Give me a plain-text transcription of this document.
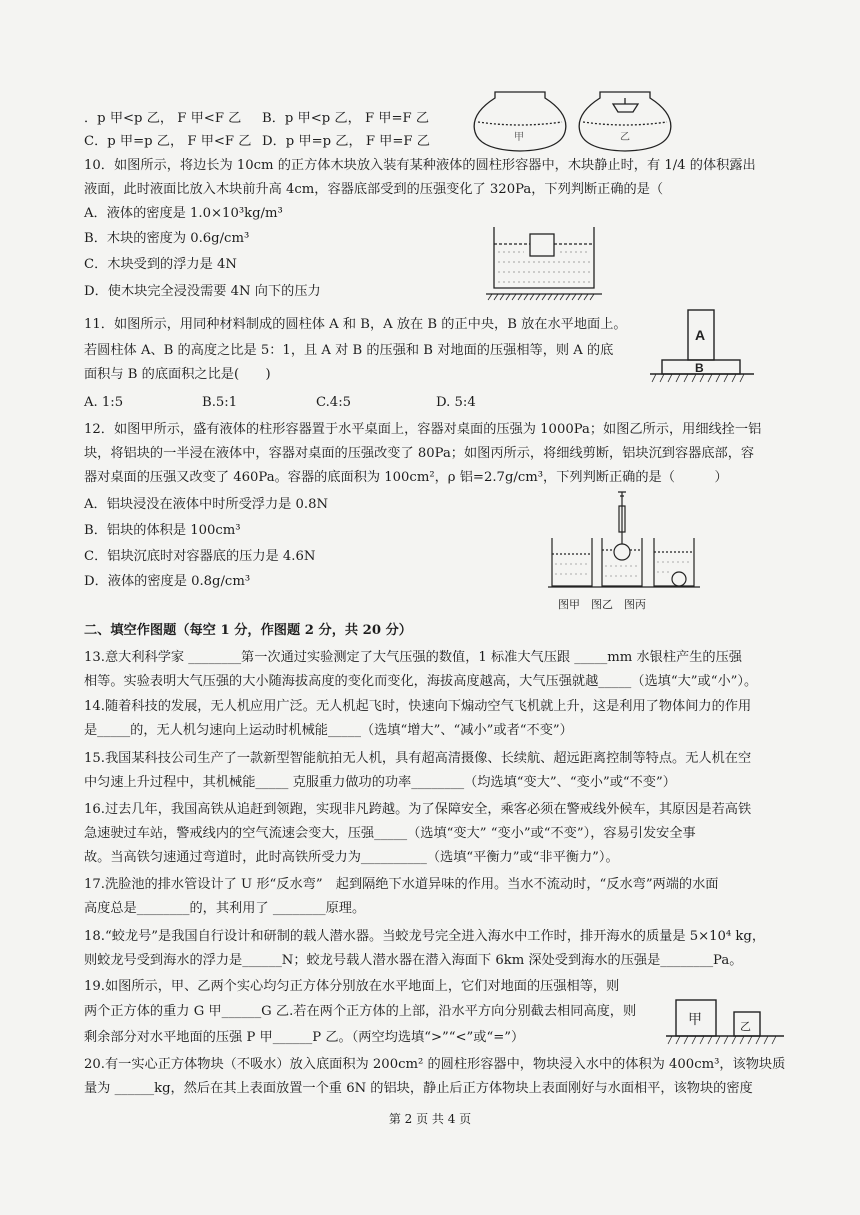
．p 甲<p 乙， F 甲<F 乙 B．p 甲<p 乙， F 甲=F 乙
C．p 甲=p 乙， F 甲<F 乙 D．p 甲=p 乙， F 甲=F 乙	甲	乙
10．如图所示，将边长为 10cm 的正方体木块放入装有某种液体的圆柱形容器中，木块静止时，有 1/4 的体积露出
液面，此时液面比放入木块前升高 4cm，容器底部受到的压强变化了 320Pa，下列判断正确的是（
A．液体的密度是 1.0×10³kg/m³
B．木块的密度为 0.6g/cm³
C．木块受到的浮力是 4N
D．使木块完全浸没需要 4N 向下的压力
11．如图所示，用同种材料制成的圆柱体 A 和 B，A 放在 B 的正中央，B 放在水平地面上。
若圆柱体 A、B 的高度之比是 5：1，且 A 对 B 的压强和 B 对地面的压强相等，则 A 的底
面积与 B 的底面积之比是(　　)
A. 1:5	B.5:1	C.4:5	D. 5:4
A
B
12．如图甲所示，盛有液体的柱形容器置于水平桌面上，容器对桌面的压强为 1000Pa；如图乙所示，用细线拴一铝
块，将铝块的一半浸在液体中，容器对桌面的压强改变了 80Pa；如图丙所示，将细线剪断，铝块沉到容器底部，容
器对桌面的压强又改变了 460Pa。容器的底面积为 100cm²，ρ 铝=2.7g/cm³，下列判断正确的是（　　　）
A．铝块浸没在液体中时所受浮力是 0.8N
B．铝块的体积是 100cm³
C．铝块沉底时对容器底的压力是 4.6N
D．液体的密度是 0.8g/cm³
图甲　图乙　图丙
二、填空作图题（每空 1 分，作图题 2 分，共 20 分）
13.意大利科学家 ________第一次通过实验测定了大气压强的数值，1 标准大气压跟 _____mm 水银柱产生的压强
相等。实验表明大气压强的大小随海拔高度的变化而变化，海拔高度越高，大气压强就越_____（选填“大”或“小”）。
14.随着科技的发展，无人机应用广泛。无人机起飞时，快速向下煽动空气飞机就上升，这是利用了物体间力的作用
是_____的，无人机匀速向上运动时机械能_____（选填“增大”、“减小”或者“不变”）
15.我国某科技公司生产了一款新型智能航拍无人机，具有超高清摄像、长续航、超远距离控制等特点。无人机在空
中匀速上升过程中，其机械能_____ 克服重力做功的功率________（均选填“变大”、“变小”或“不变”）
16.过去几年，我国高铁从追赶到领跑，实现非凡跨越。为了保障安全，乘客必须在警戒线外候车，其原因是若高铁
急速驶过车站，警戒线内的空气流速会变大，压强_____（选填“变大” “变小”或“不变”），容易引发安全事
故。当高铁匀速通过弯道时，此时高铁所受力为__________（选填“平衡力”或“非平衡力”）。
17.洗脸池的排水管设计了 U 形“反水弯”　起到隔绝下水道异味的作用。当水不流动时，“反水弯”两端的水面
高度总是________的，其利用了 ________原理。
18.“蛟龙号”是我国自行设计和研制的载人潜水器。当蛟龙号完全进入海水中工作时，排开海水的质量是 5×10⁴ kg，
则蛟龙号受到海水的浮力是______N；蛟龙号载人潜水器在潜入海面下 6km 深处受到海水的压强是________Pa。
19.如图所示，甲、乙两个实心均匀正方体分别放在水平地面上，它们对地面的压强相等，则
两个正方体的重力 G 甲______G 乙.若在两个正方体的上部，沿水平方向分别截去相同高度，则
剩余部分对水平地面的压强 P 甲______P 乙。（两空均选填“>”“<”或“=”）
甲	乙
20.有一实心正方体物块（不吸水）放入底面积为 200cm² 的圆柱形容器中，物块浸入水中的体积为 400cm³，该物块质
量为 ______kg，然后在其上表面放置一个重 6N 的铝块，静止后正方体物块上表面刚好与水面相平，该物块的密度
第 2 页 共 4 页
